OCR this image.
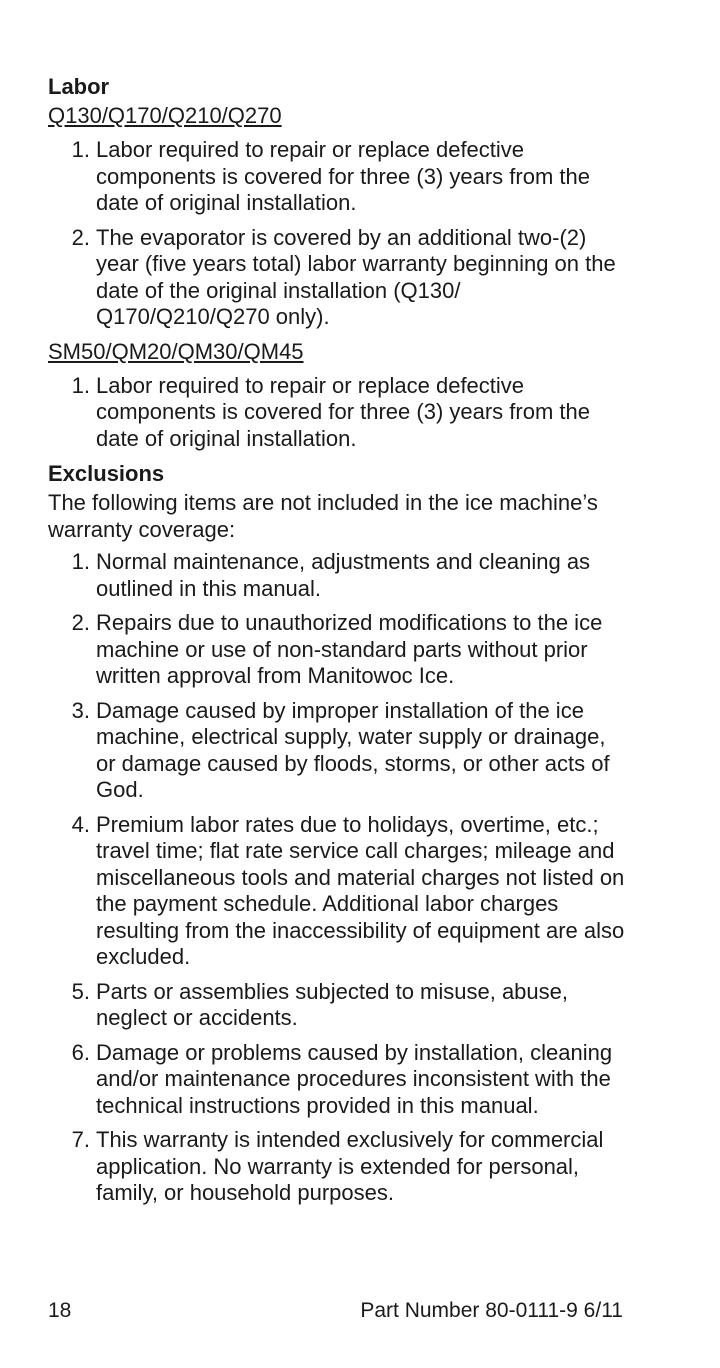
Labor
Q130/Q170/Q210/Q270
1. Labor required to repair or replace defective components is covered for three (3) years from the date of original installation.
2. The evaporator is covered by an additional two-(2) year (five years total) labor warranty beginning on the date of the original installation (Q130/ Q170/Q210/Q270 only).
SM50/QM20/QM30/QM45
1. Labor required to repair or replace defective components is covered for three (3) years from the date of original installation.
Exclusions
The following items are not included in the ice machine’s warranty coverage:
1. Normal maintenance, adjustments and cleaning as outlined in this manual.
2. Repairs due to unauthorized modifications to the ice machine or use of non-standard parts without prior written approval from Manitowoc Ice.
3. Damage caused by improper installation of the ice machine, electrical supply, water supply or drainage, or damage caused by floods, storms, or other acts of God.
4. Premium labor rates due to holidays, overtime, etc.; travel time; flat rate service call charges; mileage and miscellaneous tools and material charges not listed on the payment schedule. Additional labor charges resulting from the inaccessibility of equipment are also excluded.
5. Parts or assemblies subjected to misuse, abuse, neglect or accidents.
6. Damage or problems caused by installation, cleaning and/or maintenance procedures inconsistent with the technical instructions provided in this manual.
7. This warranty is intended exclusively for commercial application. No warranty is extended for personal, family, or household purposes.
18	Part Number 80-0111-9 6/11
